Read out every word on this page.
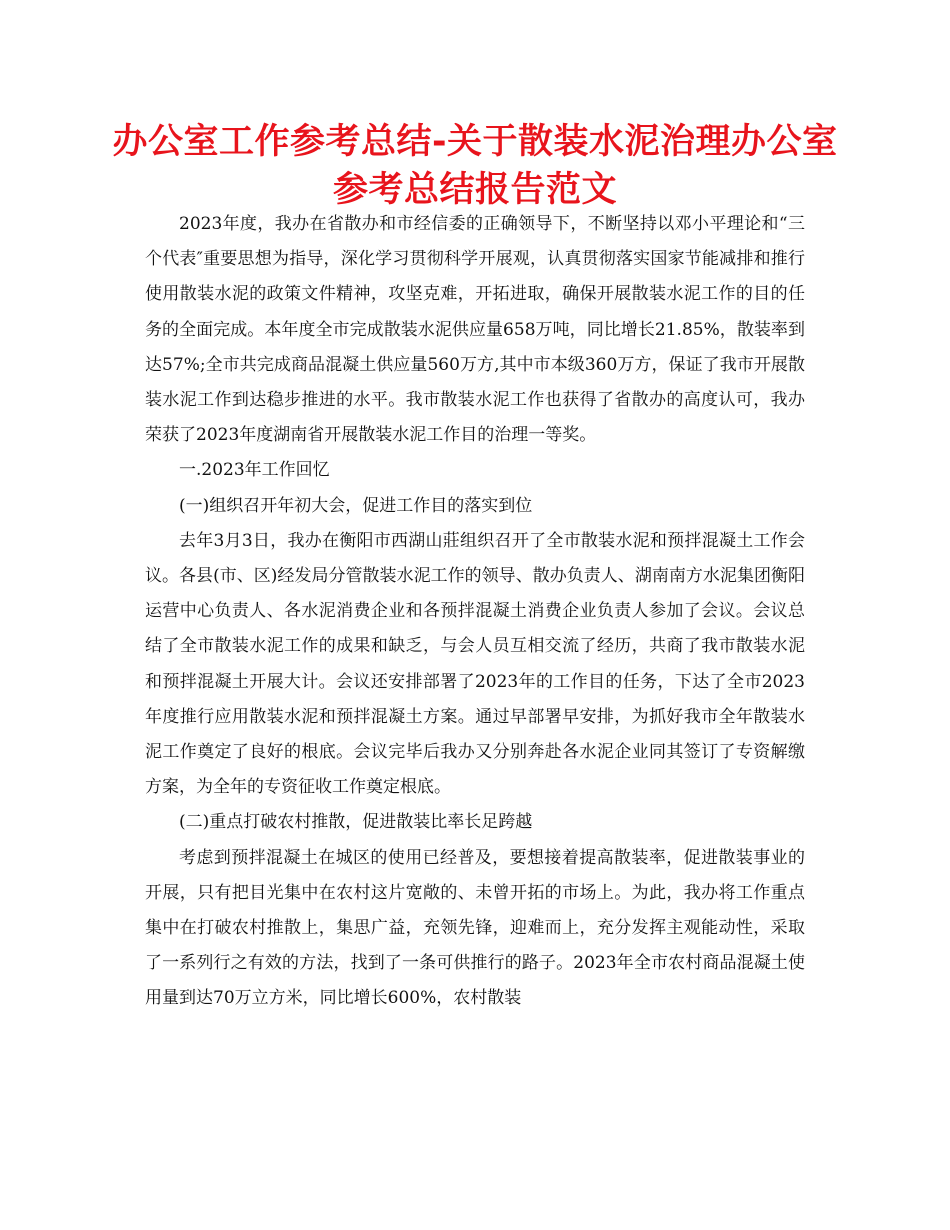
办公室工作参考总结-关于散装水泥治理办公室参考总结报告范文

2023年度，我办在省散办和市经信委的正确领导下，不断坚持以邓小平理论和“三个代表″重要思想为指导，深化学习贯彻科学开展观，认真贯彻落实国家节能减排和推行使用散装水泥的政策文件精神，攻坚克难，开拓进取，确保开展散装水泥工作的目的任务的全面完成。本年度全市完成散装水泥供应量658万吨，同比增长21.85%，散装率到达57%;全市共完成商品混凝土供应量560万方,其中市本级360万方，保证了我市开展散装水泥工作到达稳步推进的水平。我市散装水泥工作也获得了省散办的高度认可，我办荣获了2023年度湖南省开展散装水泥工作目的治理一等奖。

一.2023年工作回忆

(一)组织召开年初大会，促进工作目的落实到位

去年3月3日，我办在衡阳市西湖山莊组织召开了全市散装水泥和预拌混凝土工作会议。各县(市、区)经发局分管散装水泥工作的领导、散办负责人、湖南南方水泥集团衡阳运营中心负责人、各水泥消费企业和各预拌混凝土消费企业负责人参加了会议。会议总结了全市散装水泥工作的成果和缺乏，与会人员互相交流了经历，共商了我市散装水泥和预拌混凝土开展大计。会议还安排部署了2023年的工作目的任务，下达了全市2023年度推行应用散装水泥和预拌混凝土方案。通过早部署早安排，为抓好我市全年散装水泥工作奠定了良好的根底。会议完毕后我办又分别奔赴各水泥企业同其签订了专资解缴方案，为全年的专资征收工作奠定根底。

(二)重点打破农村推散，促进散装比率长足跨越

考虑到预拌混凝土在城区的使用已经普及，要想接着提高散装率，促进散装事业的开展，只有把目光集中在农村这片宽敞的、未曾开拓的市场上。为此，我办将工作重点集中在打破农村推散上，集思广益，充领先锋，迎难而上，充分发挥主观能动性，采取了一系列行之有效的方法，找到了一条可供推行的路子。2023年全市农村商品混凝土使用量到达70万立方米，同比增长600%，农村散装
